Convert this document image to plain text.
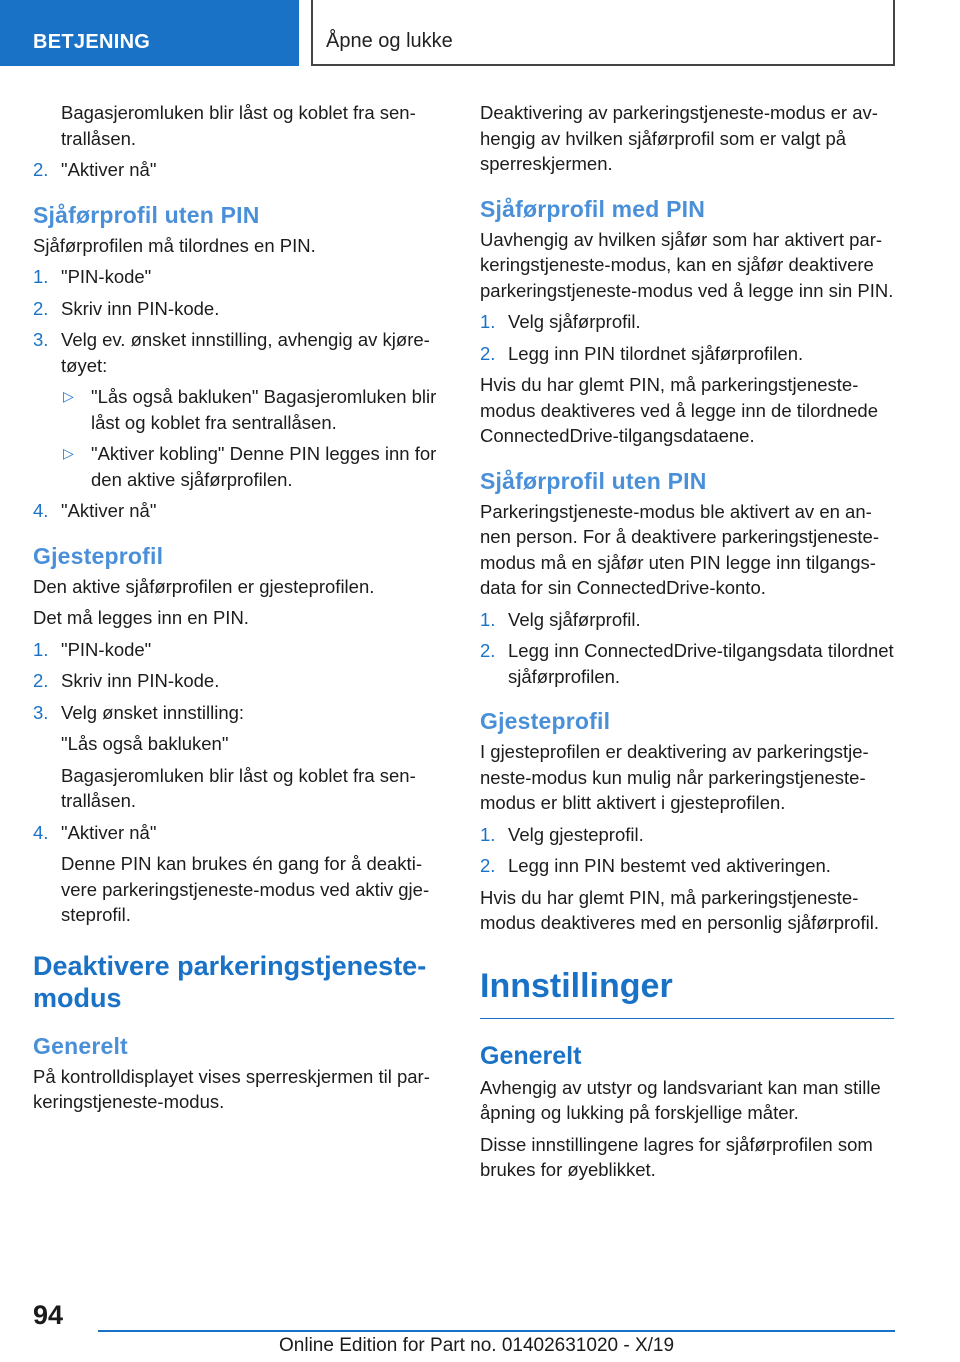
BETJENING	Åpne og lukke
Bagasjeromluken blir låst og koblet fra sentrallåsen.
2. "Aktiver nå"
Sjåførprofil uten PIN
Sjåførprofilen må tilordnes en PIN.
1. "PIN-kode"
2. Skriv inn PIN-kode.
3. Velg ev. ønsket innstilling, avhengig av kjøretøyet:
▷ "Lås også bakluken" Bagasjeromluken blir låst og koblet fra sentrallåsen.
▷ "Aktiver kobling" Denne PIN legges inn for den aktive sjåførprofilen.
4. "Aktiver nå"
Gjesteprofil
Den aktive sjåførprofilen er gjesteprofilen.
Det må legges inn en PIN.
1. "PIN-kode"
2. Skriv inn PIN-kode.
3. Velg ønsket innstilling:
"Lås også bakluken"
Bagasjeromluken blir låst og koblet fra sentrallåsen.
4. "Aktiver nå"
Denne PIN kan brukes én gang for å deaktivere parkeringstjeneste-modus ved aktiv gjesteprofil.
Deaktivere parkeringstjeneste-modus
Generelt
På kontrolldisplayet vises sperreskjermen til parkeringstjeneste-modus.
Deaktivering av parkeringstjeneste-modus er avhengig av hvilken sjåførprofil som er valgt på sperreskjermen.
Sjåførprofil med PIN
Uavhengig av hvilken sjåfør som har aktivert parkeringstjeneste-modus, kan en sjåfør deaktivere parkeringstjeneste-modus ved å legge inn sin PIN.
1. Velg sjåførprofil.
2. Legg inn PIN tilordnet sjåførprofilen.
Hvis du har glemt PIN, må parkeringstjeneste-modus deaktiveres ved å legge inn de tilordnede ConnectedDrive-tilgangsdataene.
Sjåførprofil uten PIN
Parkeringstjeneste-modus ble aktivert av en annen person. For å deaktivere parkeringstjeneste-modus må en sjåfør uten PIN legge inn tilgangsdata for sin ConnectedDrive-konto.
1. Velg sjåførprofil.
2. Legg inn ConnectedDrive-tilgangsdata tilordnet sjåførprofilen.
Gjesteprofil
I gjesteprofilen er deaktivering av parkeringstjeneste-modus kun mulig når parkeringstjeneste-modus er blitt aktivert i gjesteprofilen.
1. Velg gjesteprofil.
2. Legg inn PIN bestemt ved aktiveringen.
Hvis du har glemt PIN, må parkeringstjeneste-modus deaktiveres med en personlig sjåførprofil.
Innstillinger
Generelt
Avhengig av utstyr og landsvariant kan man stille åpning og lukking på forskjellige måter.
Disse innstillingene lagres for sjåførprofilen som brukes for øyeblikket.
94
Online Edition for Part no. 01402631020 - X/19
